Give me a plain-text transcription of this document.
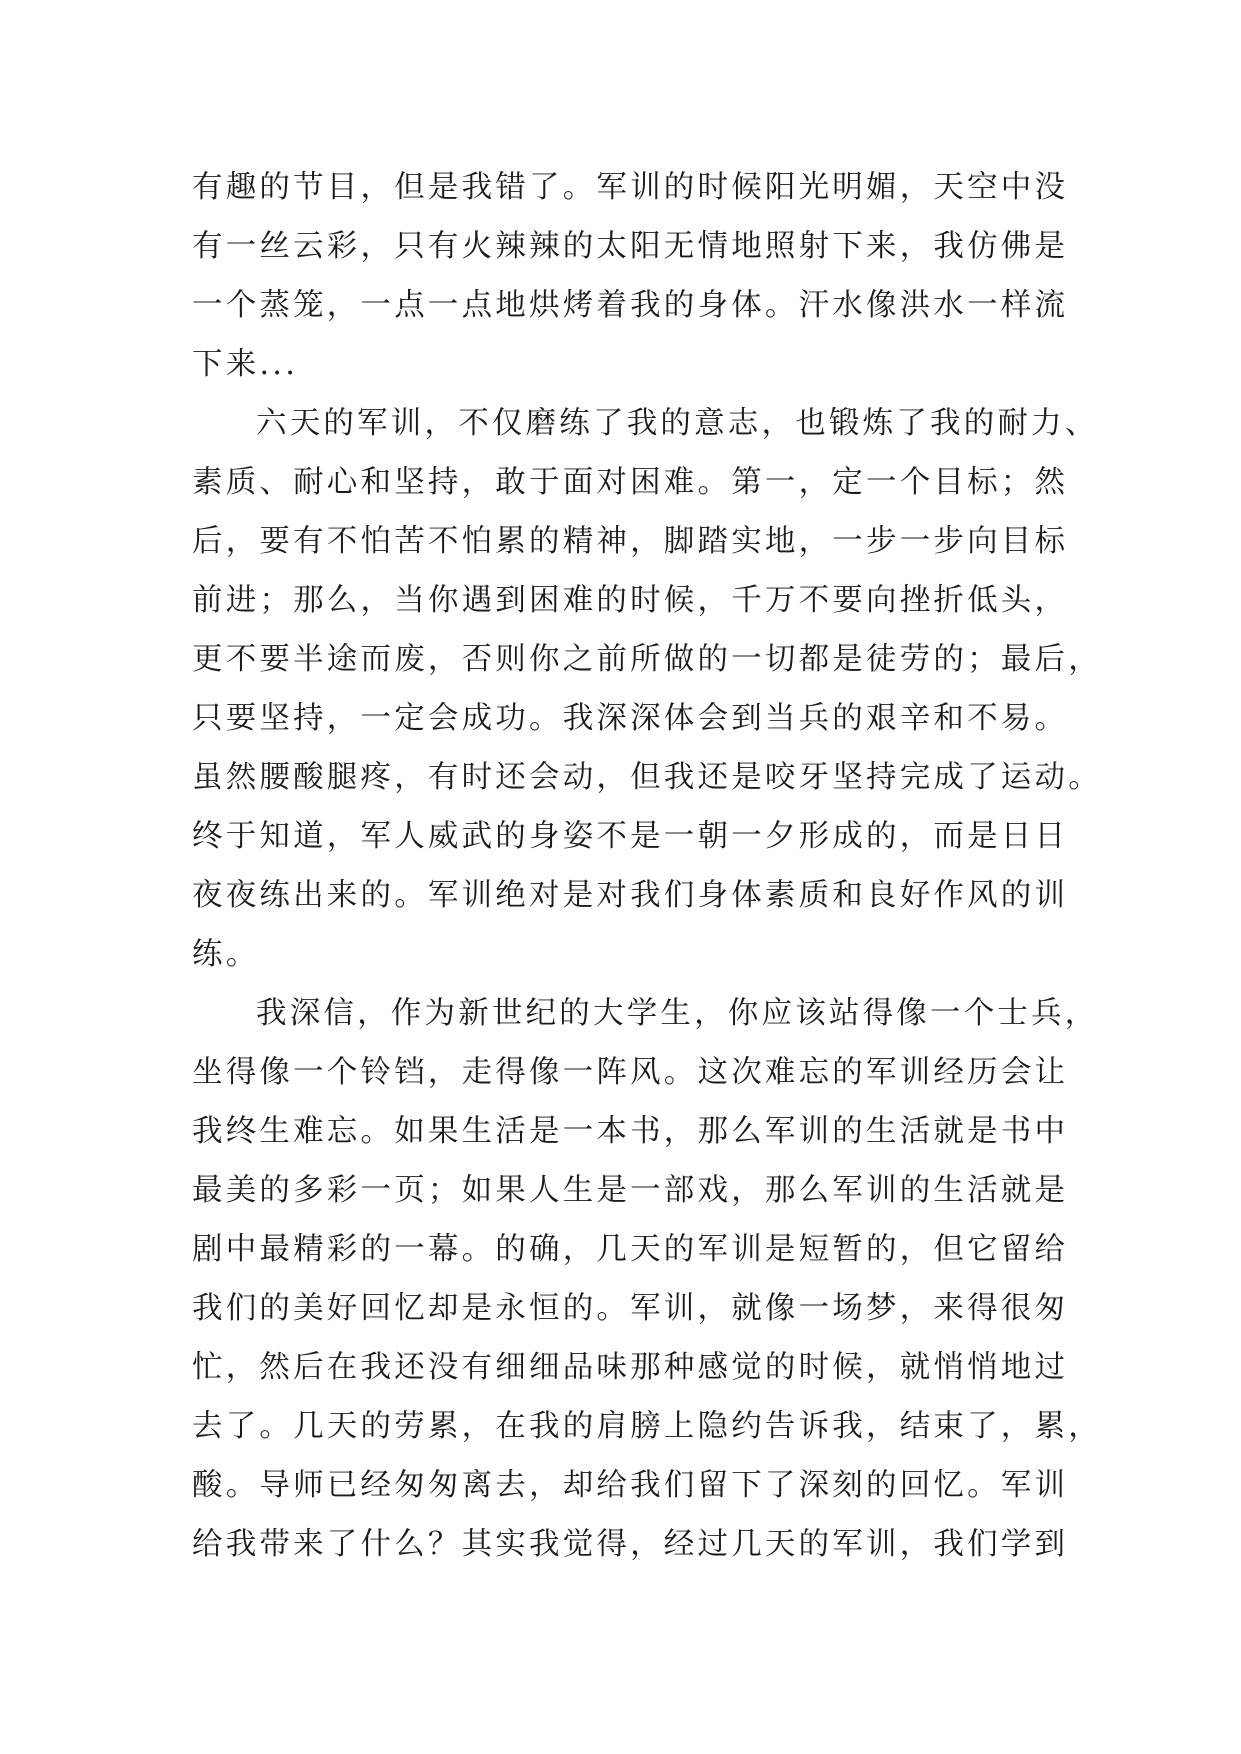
有趣的节目，但是我错了。军训的时候阳光明媚，天空中没
有一丝云彩，只有火辣辣的太阳无情地照射下来，我仿佛是
一个蒸笼，一点一点地烘烤着我的身体。汗水像洪水一样流
下来...
六天的军训，不仅磨练了我的意志，也锻炼了我的耐力、
素质、耐心和坚持，敢于面对困难。第一，定一个目标；然
后，要有不怕苦不怕累的精神，脚踏实地，一步一步向目标
前进；那么，当你遇到困难的时候，千万不要向挫折低头，
更不要半途而废，否则你之前所做的一切都是徒劳的；最后，
只要坚持，一定会成功。我深深体会到当兵的艰辛和不易。
虽然腰酸腿疼，有时还会动，但我还是咬牙坚持完成了运动。
终于知道，军人威武的身姿不是一朝一夕形成的，而是日日
夜夜练出来的。军训绝对是对我们身体素质和良好作风的训
练。
我深信，作为新世纪的大学生，你应该站得像一个士兵，
坐得像一个铃铛，走得像一阵风。这次难忘的军训经历会让
我终生难忘。如果生活是一本书，那么军训的生活就是书中
最美的多彩一页；如果人生是一部戏，那么军训的生活就是
剧中最精彩的一幕。的确，几天的军训是短暂的，但它留给
我们的美好回忆却是永恒的。军训，就像一场梦，来得很匆
忙，然后在我还没有细细品味那种感觉的时候，就悄悄地过
去了。几天的劳累，在我的肩膀上隐约告诉我，结束了，累，
酸。导师已经匆匆离去，却给我们留下了深刻的回忆。军训
给我带来了什么？其实我觉得，经过几天的军训，我们学到
